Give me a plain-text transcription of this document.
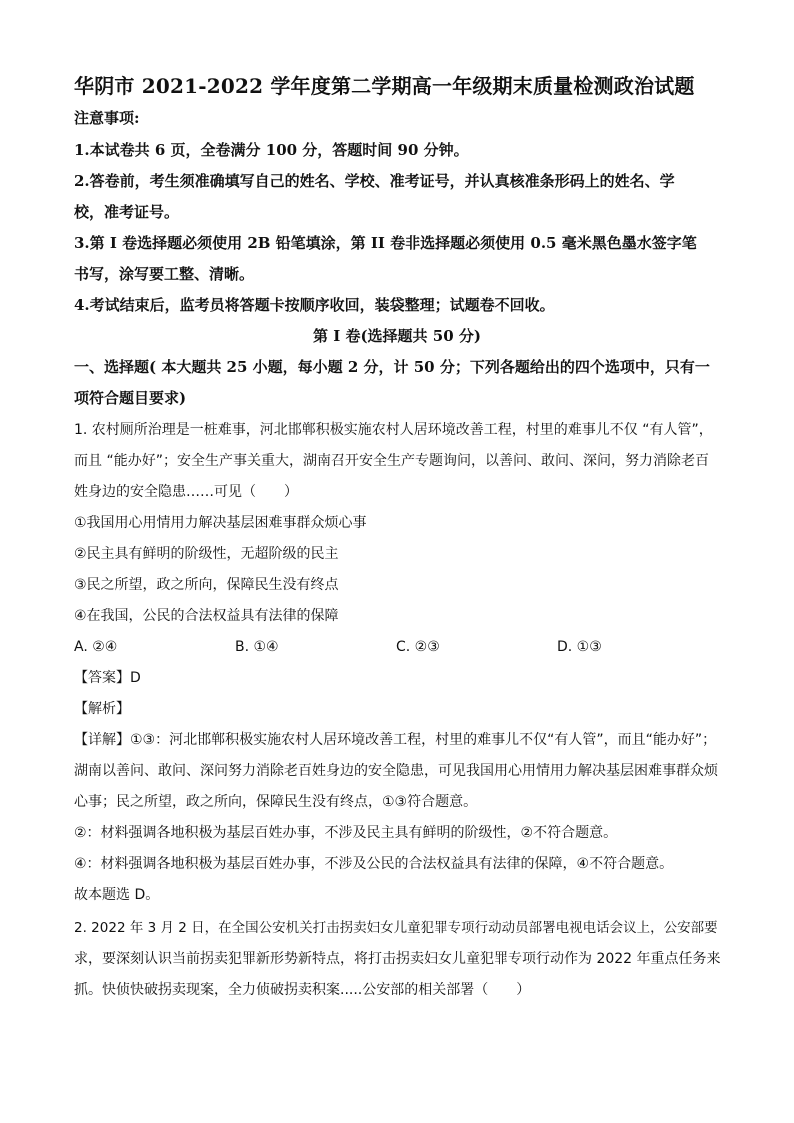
华阴市 2021-2022 学年度第二学期高一年级期末质量检测政治试题
注意事项:
1.本试卷共 6 页，全卷满分 100 分，答题时间 90 分钟。
2.答卷前，考生须准确填写自己的姓名、学校、准考证号，并认真核准条形码上的姓名、学
校，准考证号。
3.第 I 卷选择题必须使用 2B 铅笔填涂，第 II 卷非选择题必须使用 0.5 毫米黑色墨水签字笔
书写，涂写要工整、清晰。
4.考试结束后，监考员将答题卡按顺序收回，装袋整理；试题卷不回收。
第 I 卷(选择题共 50 分)
一、选择题( 本大题共 25 小题，每小题 2 分，计 50 分；下列各题给出的四个选项中，只有一
项符合题目要求)
1. 农村厕所治理是一桩难事，河北邯郸积极实施农村人居环境改善工程，村里的难事儿不仅 “有人管”，
而且 “能办好”；安全生产事关重大，湖南召开安全生产专题询问，以善问、敢问、深问，努力消除老百
姓身边的安全隐患……可见（　　）
①我国用心用情用力解决基层困难事群众烦心事
②民主具有鲜明的阶级性，无超阶级的民主
③民之所望，政之所向，保障民生没有终点
④在我国，公民的合法权益具有法律的保障
A. ②④	B. ①④	C. ②③	D. ①③
【答案】D
【解析】
【详解】①③：河北邯郸积极实施农村人居环境改善工程，村里的难事儿不仅“有人管”，而且“能办好”；
湖南以善问、敢问、深问努力消除老百姓身边的安全隐患，可见我国用心用情用力解决基层困难事群众烦
心事；民之所望，政之所向，保障民生没有终点，①③符合题意。
②：材料强调各地积极为基层百姓办事，不涉及民主具有鲜明的阶级性，②不符合题意。
④：材料强调各地积极为基层百姓办事，不涉及公民的合法权益具有法律的保障，④不符合题意。
故本题选 D。
2. 2022 年 3 月 2 日，在全国公安机关打击拐卖妇女儿童犯罪专项行动动员部署电视电话会议上，公安部要
求，要深刻认识当前拐卖犯罪新形势新特点，将打击拐卖妇女儿童犯罪专项行动作为 2022 年重点任务来
抓。快侦快破拐卖现案，全力侦破拐卖积案.....公安部的相关部署（　　）
